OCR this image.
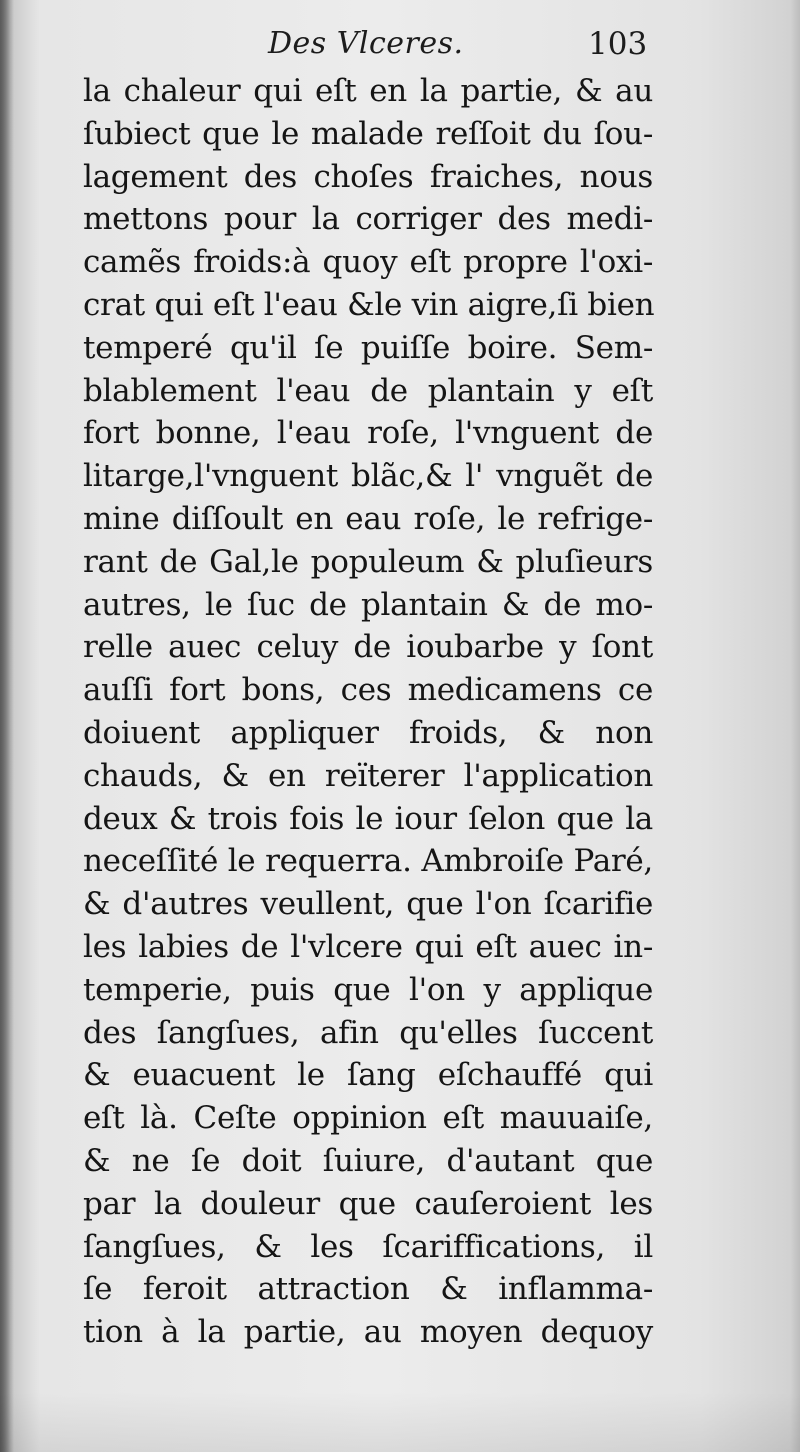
Des Vlceres.	103
la chaleur qui eſt en la partie, & au
ſubiect que le malade reſſoit du ſou-
lagement des choſes fraiches, nous
mettons pour la corriger des medi-
camẽs froids:à quoy eſt propre l'oxi-
crat qui eſt l'eau &le vin aigre,ſi bien
temperé qu'il ſe puiſſe boire. Sem-
blablement l'eau de plantain y eſt
fort bonne, l'eau roſe, l'vnguent de
litarge,l'vnguent blãc,& l' vnguẽt de
mine diſſoult en eau roſe, le refrige-
rant de Gal,le populeum & pluſieurs
autres, le ſuc de plantain & de mo-
relle auec celuy de ioubarbe y ſont
auſſi fort bons, ces medicamens ce
doiuent appliquer froids, & non
chauds, & en reïterer l'application
deux & trois fois le iour ſelon que la
neceſſité le requerra. Ambroiſe Paré,
& d'autres veullent, que l'on ſcarifie
les labies de l'vlcere qui eſt auec in-
temperie, puis que l'on y applique
des ſangſues, afin qu'elles ſuccent
& euacuent le ſang eſchauffé qui
eſt là. Ceſte oppinion eſt mauuaiſe,
& ne ſe doit ſuiure, d'autant que
par la douleur que cauſeroient les
ſangſues, & les ſcariffications, il
ſe feroit attraction & inflamma-
tion à la partie, au moyen dequoy
